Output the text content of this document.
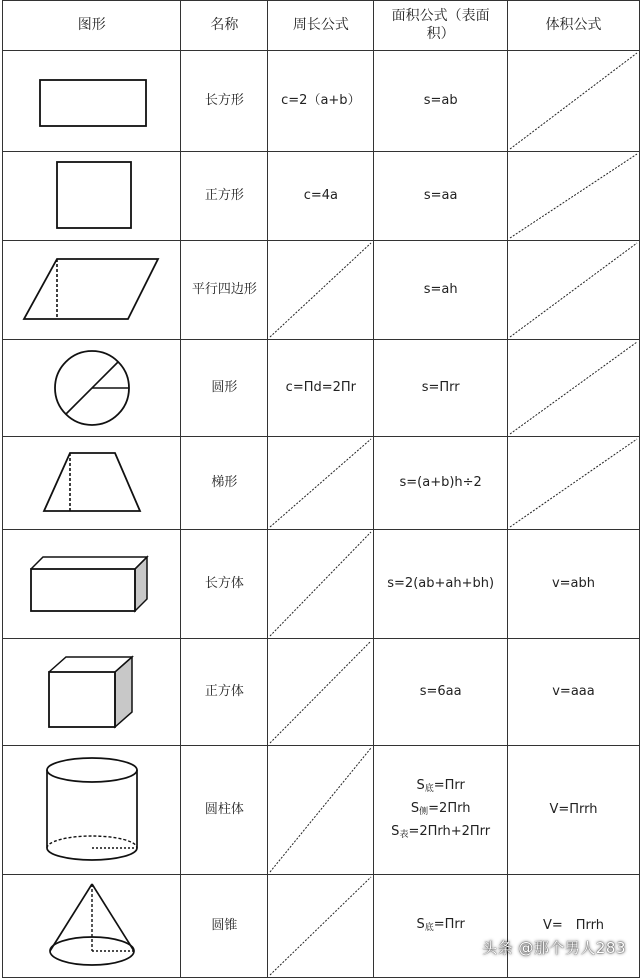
图形	名称	周长公式	面积公式（表面积）	体积公式

	长方形	c=2（a+b）	s=ab	

	正方形	c=4a	s=aa	

	平行四边形		s=ah	

	圆形	c=Πd=2Πr	s=Πrr	

	梯形		s=(a+b)h÷2	

	长方体		s=2(ab+ah+bh)	v=abh

	正方体		s=6aa	v=aaa

	圆柱体		$S_底=\Pi rr$
$S_侧=2\Pi rh$
$S_表=2\Pi rh+2\Pi rr$	V=Πrrh

	圆锥		$S_底=\Pi rr$	V=　Πrrh
头条 @那个男人283
